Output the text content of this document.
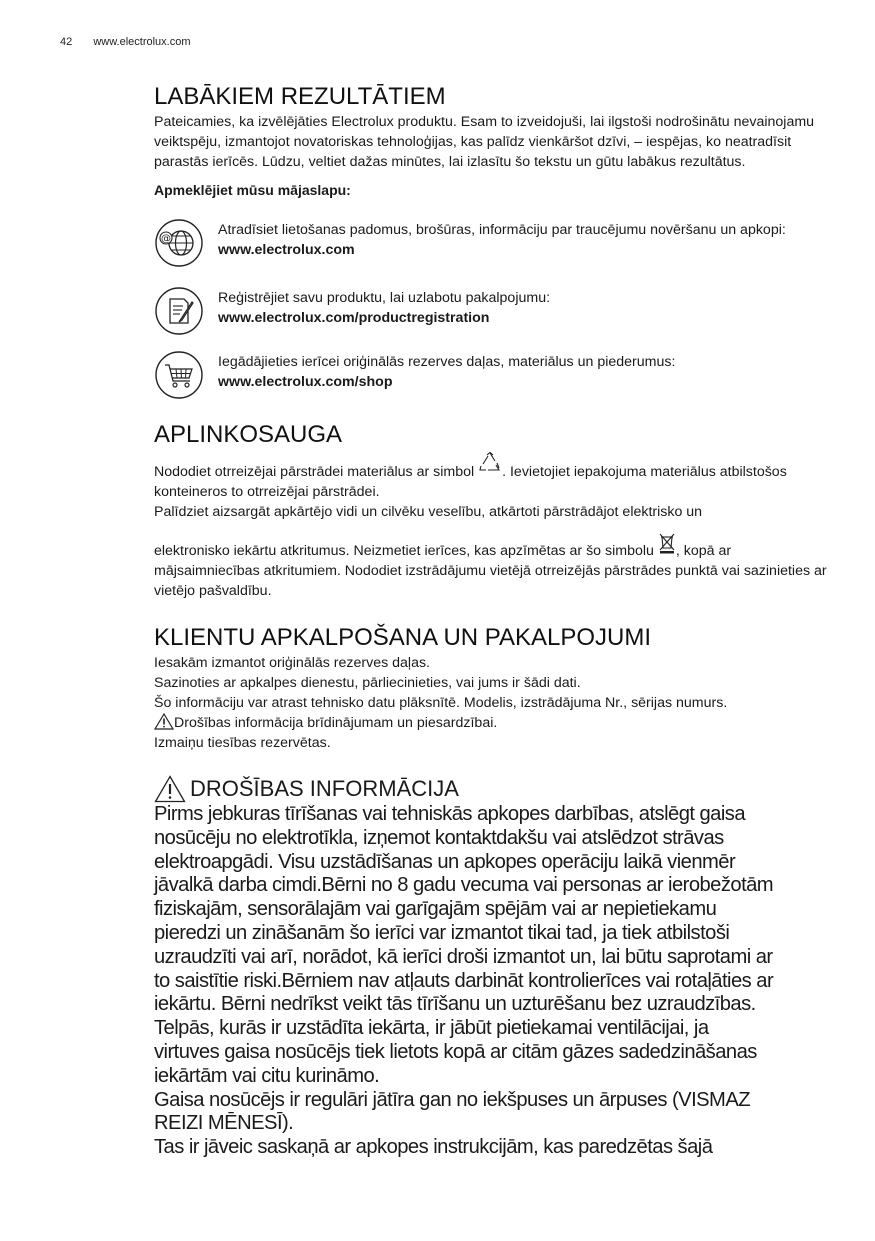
42 www.electrolux.com
LABĀKIEM REZULTĀTIEM

Pateicamies, ka izvēlējāties Electrolux produktu. Esam to izveidojuši, lai ilgstoši nodrošinātu nevainojamu veiktspēju, izmantojot novatoriskas tehnoloģijas, kas palīdz vienkāršot dzīvi, – iespējas, ko neatradīsit parastās ierīcēs. Lūdzu, veltiet dažas minūtes, lai izlasītu šo tekstu un gūtu labākus rezultātus.

Apmeklējiet mūsu mājaslapu:
@
Atradīsiet lietošanas padomus, brošūras, informāciju par traucējumu novēršanu un apkopi:
www.electrolux.com
Reģistrējiet savu produktu, lai uzlabotu pakalpojumu:
www.electrolux.com/productregistration
Iegādājieties ierīcei oriģinālās rezerves daļas, materiālus un piederumus:
www.electrolux.com/shop
APLINKOSAUGA

Nododiet otrreizējai pārstrādei materiālus ar simbol . Ievietojiet iepakojuma materiālus atbilstošos konteineros to otrreizējai pārstrādei.

Palīdziet aizsargāt apkārtējo vidi un cilvēku veselību, atkārtoti pārstrādājot elektrisko un

elektronisko iekārtu atkritumus. Neizmetiet ierīces, kas apzīmētas ar šo simbolu , kopā ar mājsaimniecības atkritumiem. Nododiet izstrādājumu vietējā otrreizējās pārstrādes punktā vai sazinieties ar vietējo pašvaldību.

KLIENTU APKALPOŠANA UN PAKALPOJUMI

Iesakām izmantot oriģinālās rezerves daļas.

Sazinoties ar apkalpes dienestu, pārliecinieties, vai jums ir šādi dati.

Šo informāciju var atrast tehnisko datu plāksnītē. Modelis, izstrādājuma Nr., sērijas numurs.

Drošības informācija brīdinājumam un piesardzībai.

Izmaiņu tiesības rezervētas.

DROŠĪBAS INFORMĀCIJA

Pirms jebkuras tīrīšanas vai tehniskās apkopes darbības, atslēgt gaisa

nosūcēju no elektrotīkla, izņemot kontaktdakšu vai atslēdzot strāvas

elektroapgādi. Visu uzstādīšanas un apkopes operāciju laikā vienmēr

jāvalkā darba cimdi.Bērni no 8 gadu vecuma vai personas ar ierobežotām

fiziskajām, sensorālajām vai garīgajām spējām vai ar nepietiekamu

pieredzi un zināšanām šo ierīci var izmantot tikai tad, ja tiek atbilstoši

uzraudzīti vai arī, norādot, kā ierīci droši izmantot un, lai būtu saprotami ar

to saistītie riski.Bērniem nav atļauts darbināt kontrolierīces vai rotaļāties ar

iekārtu. Bērni nedrīkst veikt tās tīrīšanu un uzturēšanu bez uzraudzības.

Telpās, kurās ir uzstādīta iekārta, ir jābūt pietiekamai ventilācijai, ja

virtuves gaisa nosūcējs tiek lietots kopā ar citām gāzes sadedzināšanas

iekārtām vai citu kurināmo.

Gaisa nosūcējs ir regulāri jātīra gan no iekšpuses un ārpuses (VISMAZ

REIZI MĒNESĪ).

Tas ir jāveic saskaņā ar apkopes instrukcijām, kas paredzētas šajā
